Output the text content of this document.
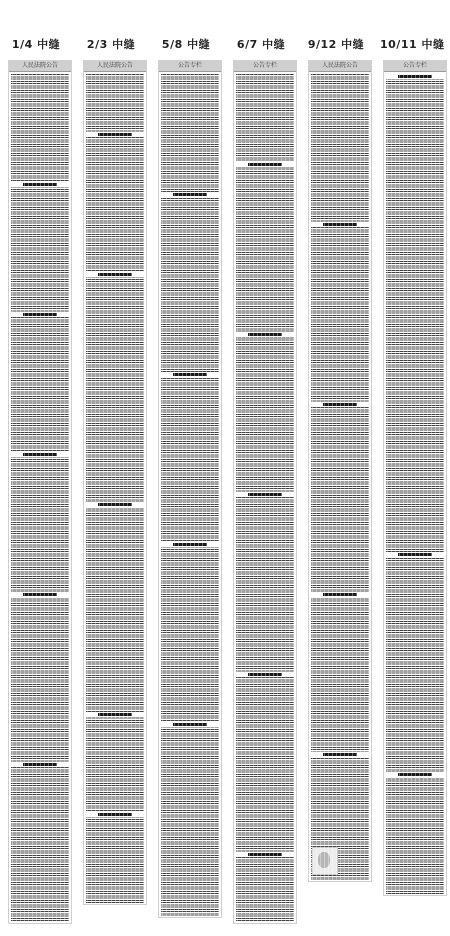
1/4 中缝
人民法院公告
2/3 中缝
人民法院公告
5/8 中缝
公告专栏
6/7 中缝
公告专栏
9/12 中缝
人民法院公告
10/11 中缝
公告专栏
